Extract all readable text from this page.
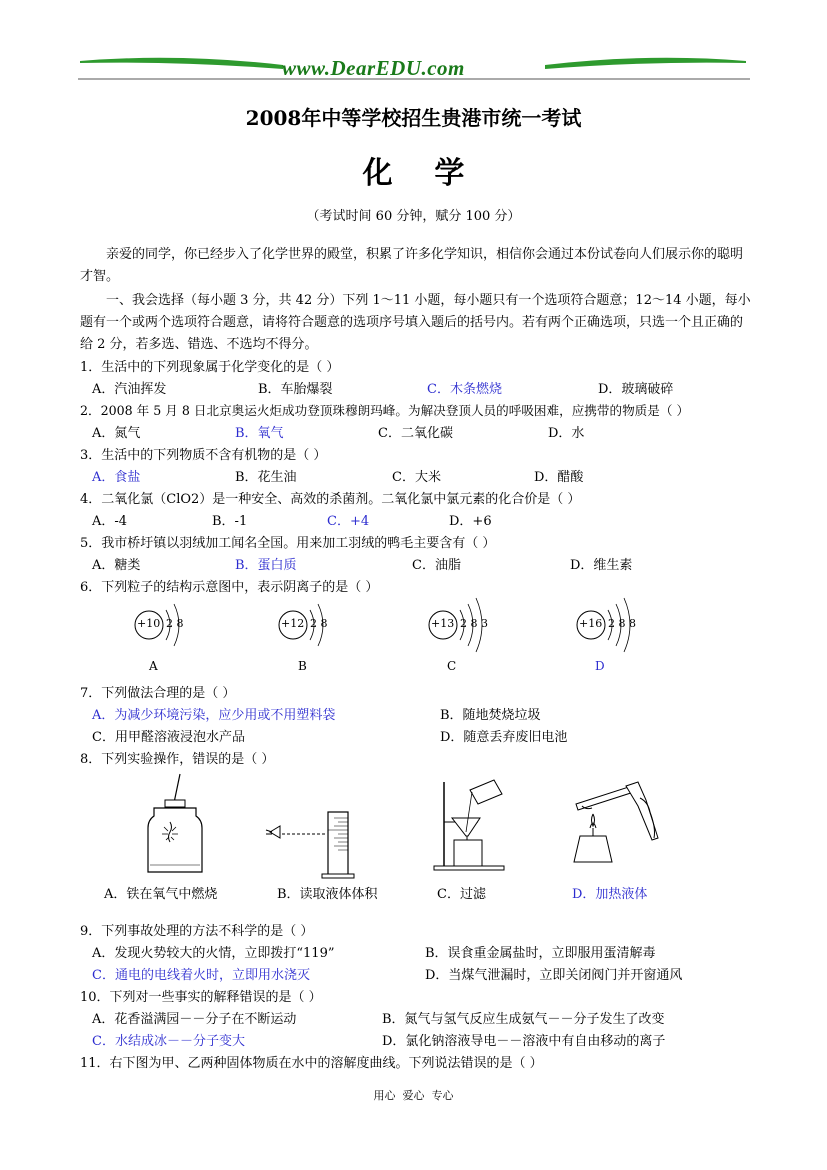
www.DearEDU.com
2008年中等学校招生贵港市统一考试
化    学
（考试时间 60 分钟，赋分 100 分）
亲爱的同学，你已经步入了化学世界的殿堂，积累了许多化学知识，相信你会通过本份试卷向人们展示你的聪明才智。
一、我会选择（每小题 3 分，共 42 分）下列 1～11 小题，每小题只有一个选项符合题意；12～14 小题，每小题有一个或两个选项符合题意，请将符合题意的选项序号填入题后的括号内。若有两个正确选项，只选一个且正确的给 2 分，若多选、错选、不选均不得分。
1．生活中的下列现象属于化学变化的是（ ）
A．汽油挥发	B．车胎爆裂	C．木条燃烧	D．玻璃破碎
2．2008 年 5 月 8 日北京奥运火炬成功登顶珠穆朗玛峰。为解决登顶人员的呼吸困难，应携带的物质是（ ）
A．氮气	B．氧气	C．二氧化碳	D．水
3．生活中的下列物质不含有机物的是（ ）
A．食盐	B．花生油	C．大米	D．醋酸
4．二氧化氯（ClO2）是一种安全、高效的杀菌剂。二氧化氯中氯元素的化合价是（ ）
A．-4	B．-1	C．+4	D．+6
5．我市桥圩镇以羽绒加工闻名全国。用来加工羽绒的鸭毛主要含有（ ）
A．糖类	B．蛋白质	C．油脂	D．维生素
6．下列粒子的结构示意图中，表示阴离子的是（ ）
+10 2 8
A
+12 2 8
B
+13 2 8 3
C
+16 2 8 8
D
7．下列做法合理的是（ ）
A．为减少环境污染，应少用或不用塑料袋	B．随地焚烧垃圾
C．用甲醛溶液浸泡水产品	D．随意丢弃废旧电池
8．下列实验操作，错误的是（ ）
A．铁在氧气中燃烧	B．读取液体体积	C．过滤	D．加热液体
9．下列事故处理的方法不科学的是（ ）
A．发现火势较大的火情，立即拨打“119”	B．误食重金属盐时，立即服用蛋清解毒
C．通电的电线着火时，立即用水浇灭	D．当煤气泄漏时，立即关闭阀门并开窗通风
10．下列对一些事实的解释错误的是（ ）
A．花香溢满园－－分子在不断运动	B．氮气与氢气反应生成氨气－－分子发生了改变
C．水结成冰－－分子变大	D．氯化钠溶液导电－－溶液中有自由移动的离子
11．右下图为甲、乙两种固体物质在水中的溶解度曲线。下列说法错误的是（ ）
用心  爱心  专心
